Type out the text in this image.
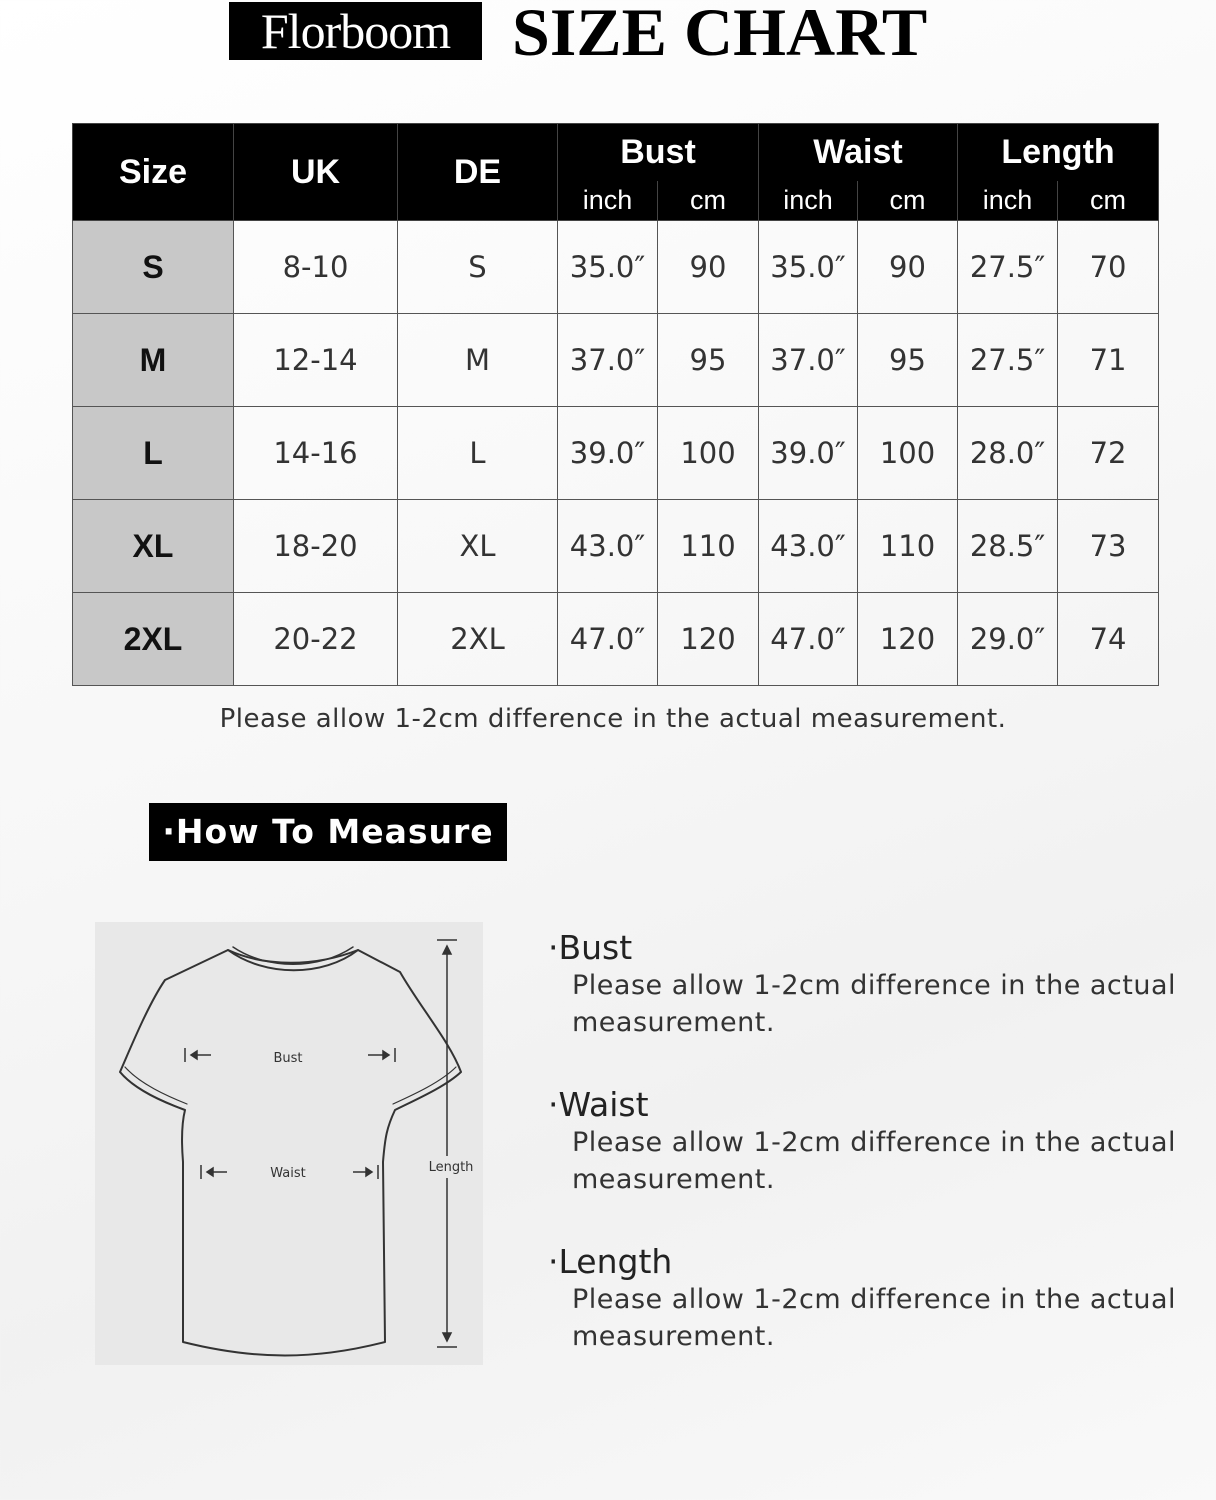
Florboom SIZE CHART
Size	UK	DE	Bust		Waist		Length	
			inch	cm	inch	cm	inch	cm
S	8-10	S	35.0″	90	35.0″	90	27.5″	70
M	12-14	M	37.0″	95	37.0″	95	27.5″	71
L	14-16	L	39.0″	100	39.0″	100	28.0″	72
XL	18-20	XL	43.0″	110	43.0″	110	28.5″	73
2XL	20-22	2XL	47.0″	120	47.0″	120	29.0″	74
Please allow 1-2cm difference in the actual measurement.
·How To Measure
Bust
Waist	Length
·Bust
Please allow 1-2cm difference in the actual
measurement.
·Waist
Please allow 1-2cm difference in the actual
measurement.
·Length
Please allow 1-2cm difference in the actual
measurement.
